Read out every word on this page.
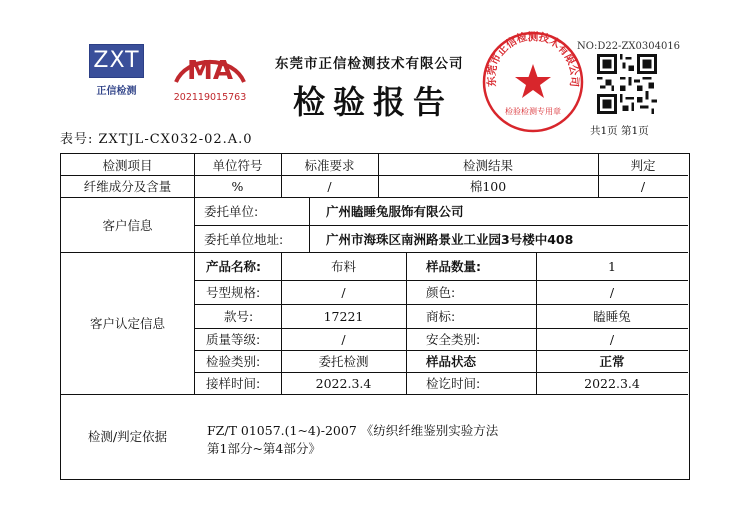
ZXT
正信检测
MA
202119015763
东莞市正信检测技术有限公司
检验报告
东莞市正信检测技术有限公司
检验检测专用章
NO:D22-ZX0304016
共1页 第1页
表号: ZXTJL-CX032-02.A.0
检测项目	单位符号	标准要求	检测结果	判定
纤维成分及含量	%	/	棉100	/
客户信息
委托单位:	广州瞌睡兔服饰有限公司
委托单位地址:	广州市海珠区南洲路景业工业园3号楼中408
客户认定信息
产品名称:	布料	样品数量:	1
号型规格:	/	颜色:	/
款号:	17221	商标:	瞌睡兔
质量等级:	/	安全类别:	/
检验类别:	委托检测	样品状态	正常
接样时间:	2022.3.4	检讫时间:	2022.3.4
检测/判定依据	FZ/T 01057.(1~4)-2007 《纺织纤维鉴别实验方法
第1部分~第4部分》
